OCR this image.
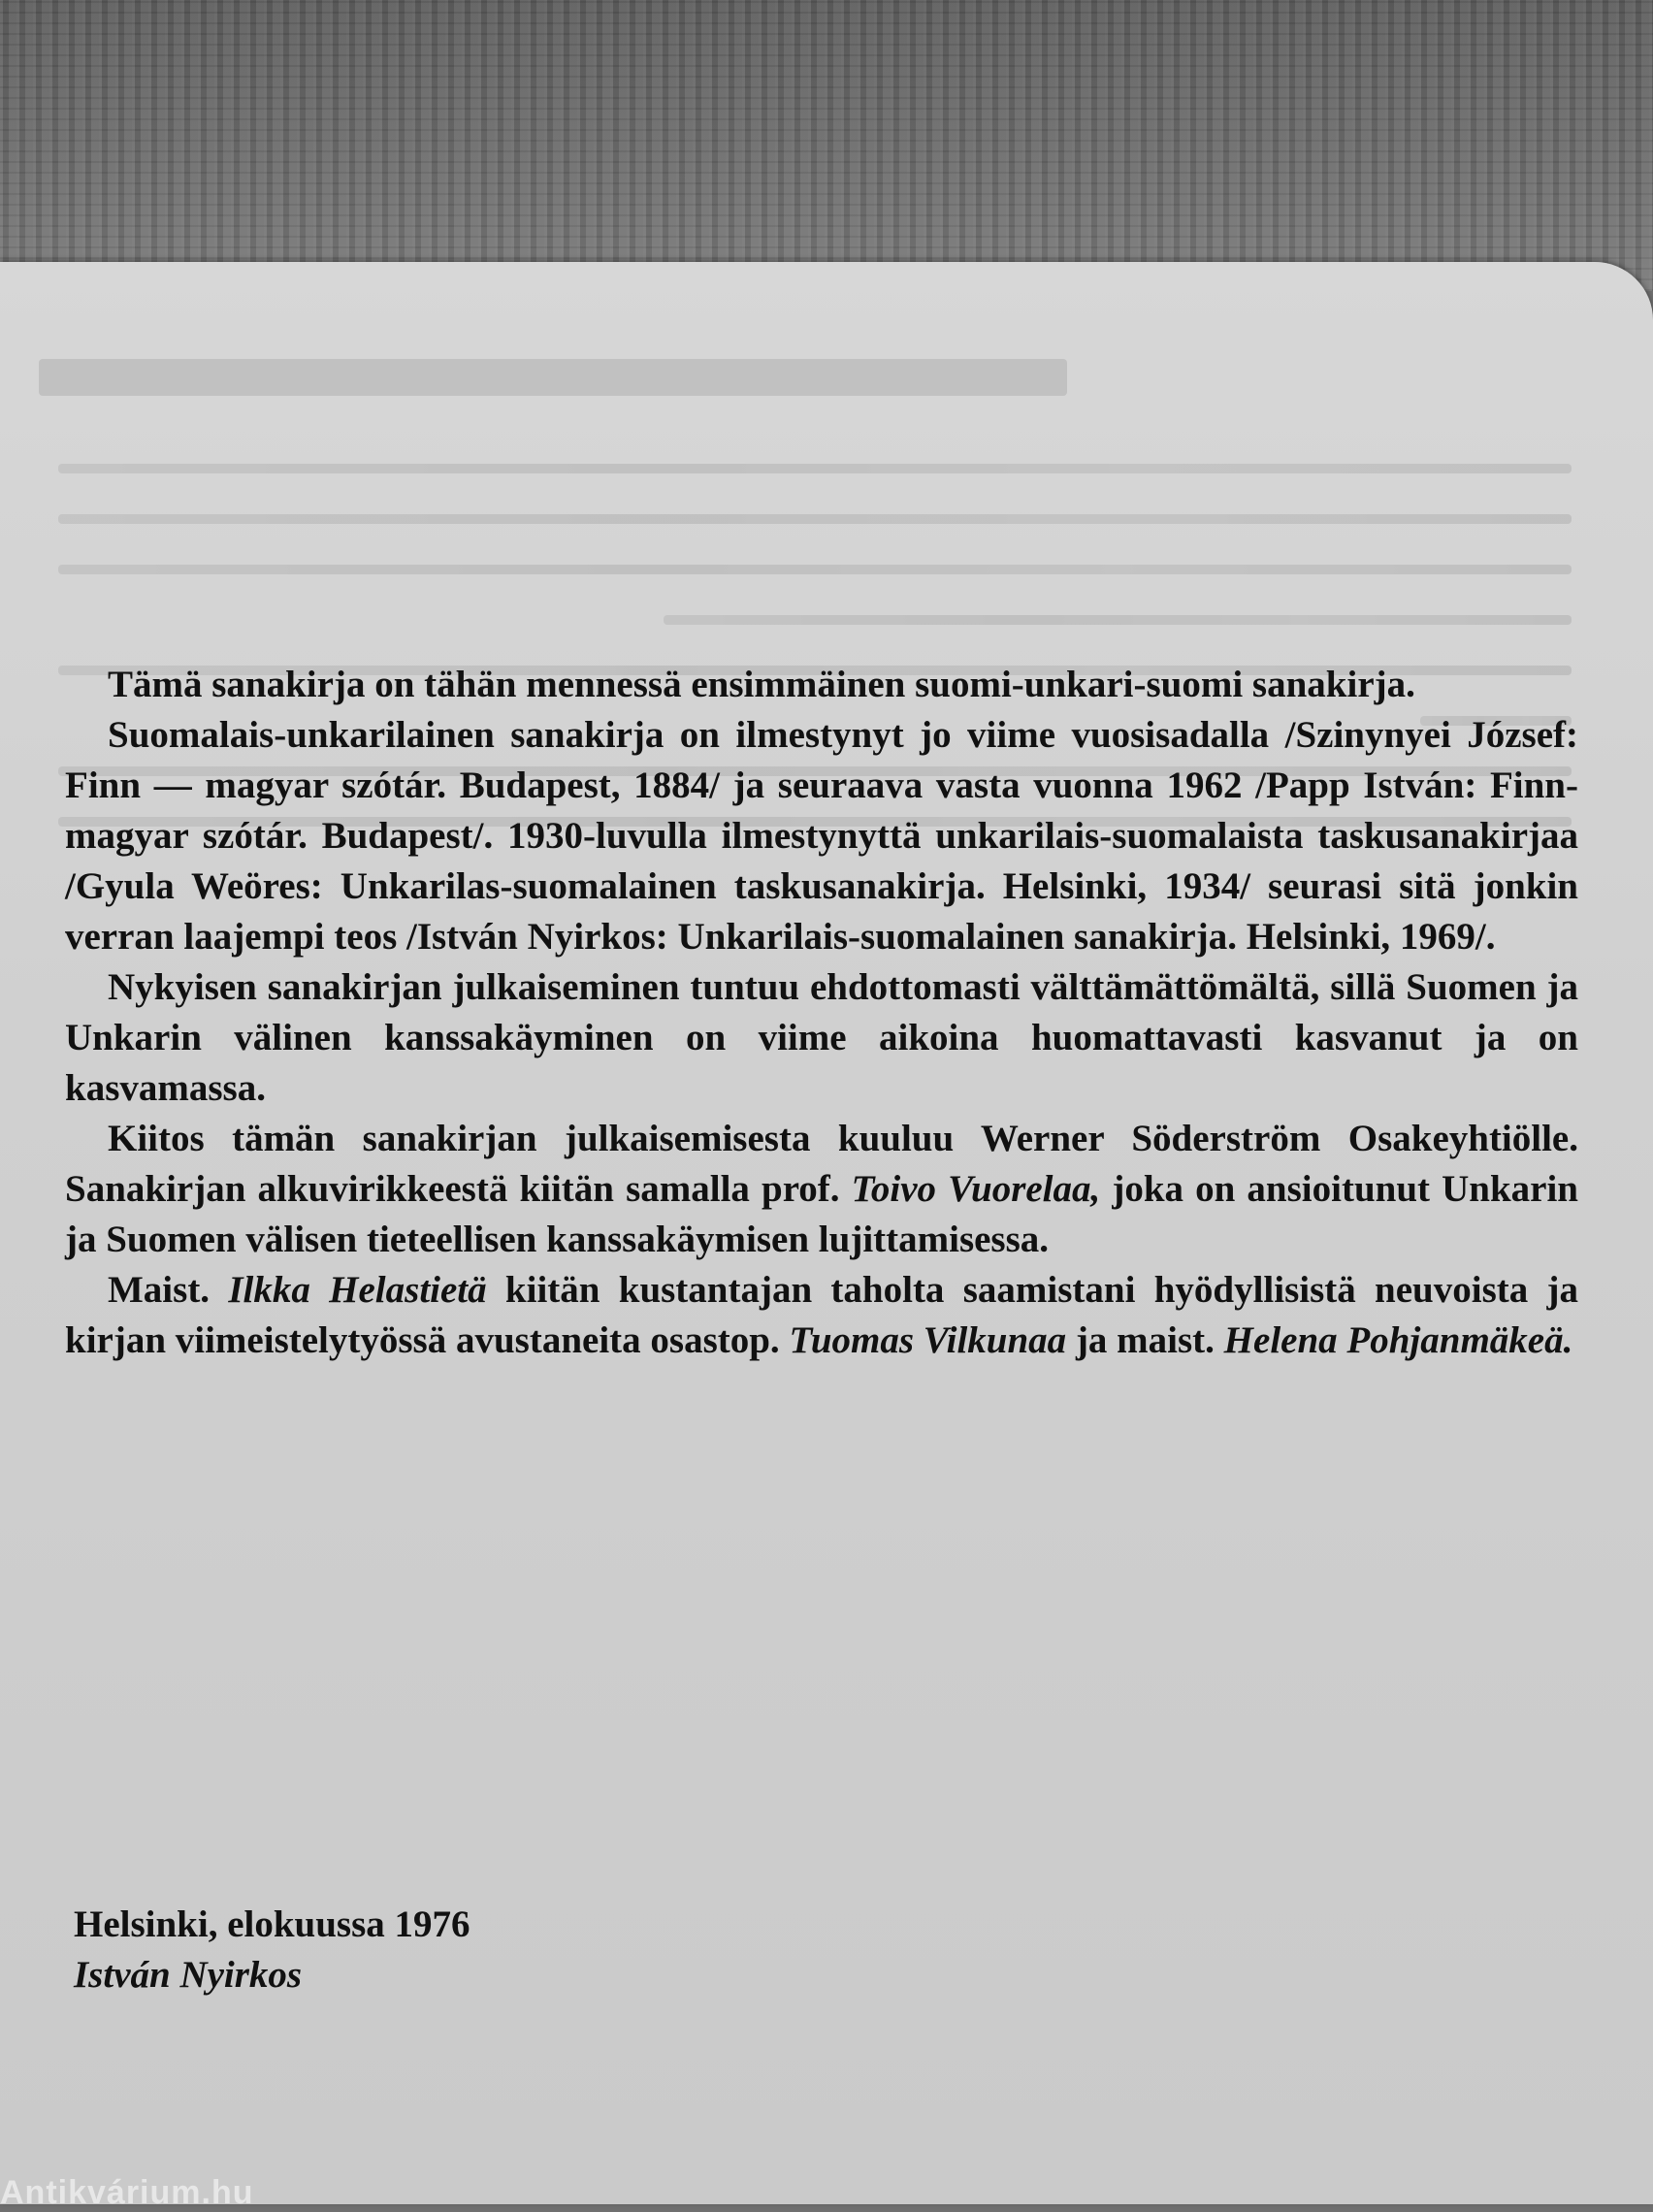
Tämä sanakirja on tähän mennessä ensimmäinen suomi-unkari-suomi sanakirja.

Suomalais-unkarilainen sanakirja on ilmestynyt jo viime vuosisadalla /Szinynyei József: Finn — magyar szótár. Budapest, 1884/ ja seuraava vasta vuonna 1962 /Papp István: Finn-magyar szótár. Budapest/. 1930-luvulla ilmestynyttä unkarilais-suomalaista taskusanakirjaa /Gyula Weöres: Unkarilas-suomalainen taskusanakirja. Helsinki, 1934/ seurasi sitä jonkin verran laajempi teos /István Nyirkos: Unkarilais-suomalainen sanakirja. Helsinki, 1969/.

Nykyisen sanakirjan julkaiseminen tuntuu ehdottomasti välttämättömältä, sillä Suomen ja Unkarin välinen kanssakäyminen on viime aikoina huomattavasti kasvanut ja on kasvamassa.

Kiitos tämän sanakirjan julkaisemisesta kuuluu Werner Söderström Osakeyhtiölle. Sanakirjan alkuvirikkeestä kiitän samalla prof. Toivo Vuorelaa, joka on ansioitunut Unkarin ja Suomen välisen tieteellisen kanssakäymisen lujittamisessa.

Maist. Ilkka Helastietä kiitän kustantajan taholta saamistani hyödyllisistä neuvoista ja kirjan viimeistelytyössä avustaneita osastop. Tuomas Vilkunaa ja maist. Helena Pohjanmäkeä.

Helsinki, elokuussa 1976
István Nyirkos
Antikvárium.hu
